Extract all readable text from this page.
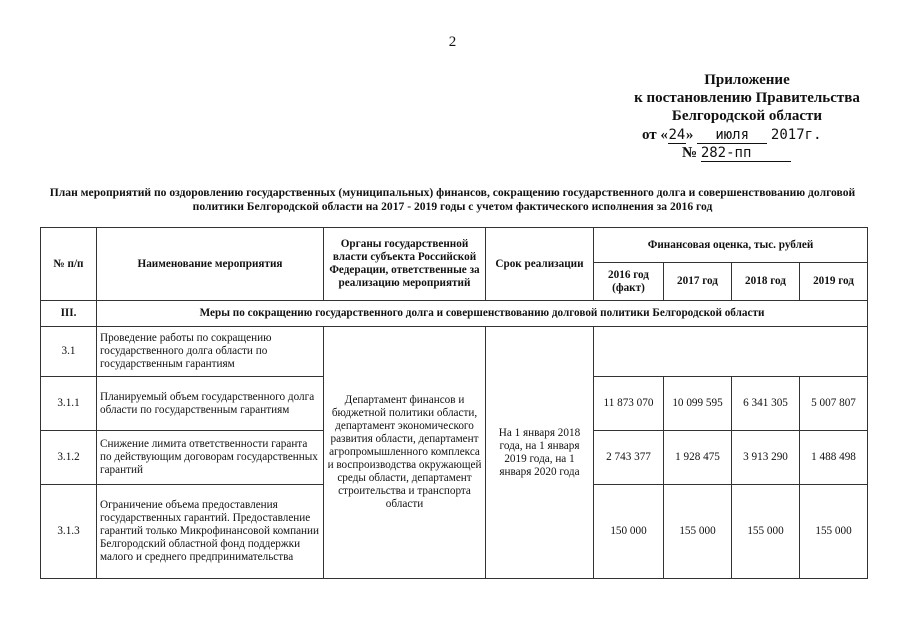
2
Приложение
к постановлению Правительства
Белгородской области
от «24» июля 2017г.
№ 282-пп
План мероприятий по оздоровлению государственных (муниципальных) финансов, сокращению государственного долга и совершенствованию долговой политики Белгородской области на 2017 - 2019 годы с учетом фактического исполнения за 2016 год
№ п/п	Наименование мероприятия	Органы государственной власти субъекта Российской Федерации, ответственные за реализацию мероприятий	Срок реализации	Финансовая оценка, тыс. рублей			
				2016 год (факт)	2017 год	2018 год	2019 год
III.	Меры по сокращению государственного долга и совершенствованию долговой политики Белгородской области						
3.1	Проведение работы по сокращению государственного долга области по государственным гарантиям	Департамент финансов и бюджетной политики области, департамент экономического развития области, департамент агропромышленного комплекса и воспроизводства окружающей среды области, департамент строительства и транспорта области	На 1 января 2018 года, на 1 января 2019 года, на 1 января 2020 года				
3.1.1	Планируемый объем государственного долга области по государственным гарантиям			11 873 070	10 099 595	6 341 305	5 007 807
3.1.2	Снижение лимита ответственности гаранта по действующим договорам государственных гарантий			2 743 377	1 928 475	3 913 290	1 488 498
3.1.3	Ограничение объема предоставления государственных гарантий. Предоставление гарантий только Микрофинансовой компании Белгородский областной фонд поддержки малого и среднего предпринимательства			150 000	155 000	155 000	155 000
